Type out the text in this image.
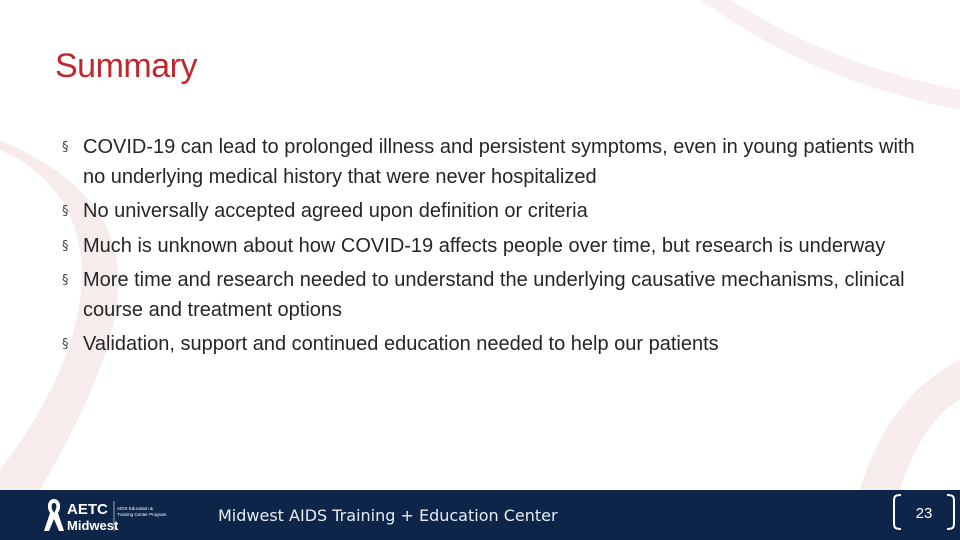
Summary
§ COVID-19 can lead to prolonged illness and persistent symptoms, even in young patients with no underlying medical history that were never hospitalized
§ No universally accepted agreed upon definition or criteria
§ Much is unknown about how COVID-19 affects people over time, but research is underway
§ More time and research needed to understand the underlying causative mechanisms, clinical course and treatment options
§ Validation, support and continued education needed to help our patients
AETC
Midwest
AIDS Education &
Training Center Program	Midwest AIDS Training + Education Center	23
